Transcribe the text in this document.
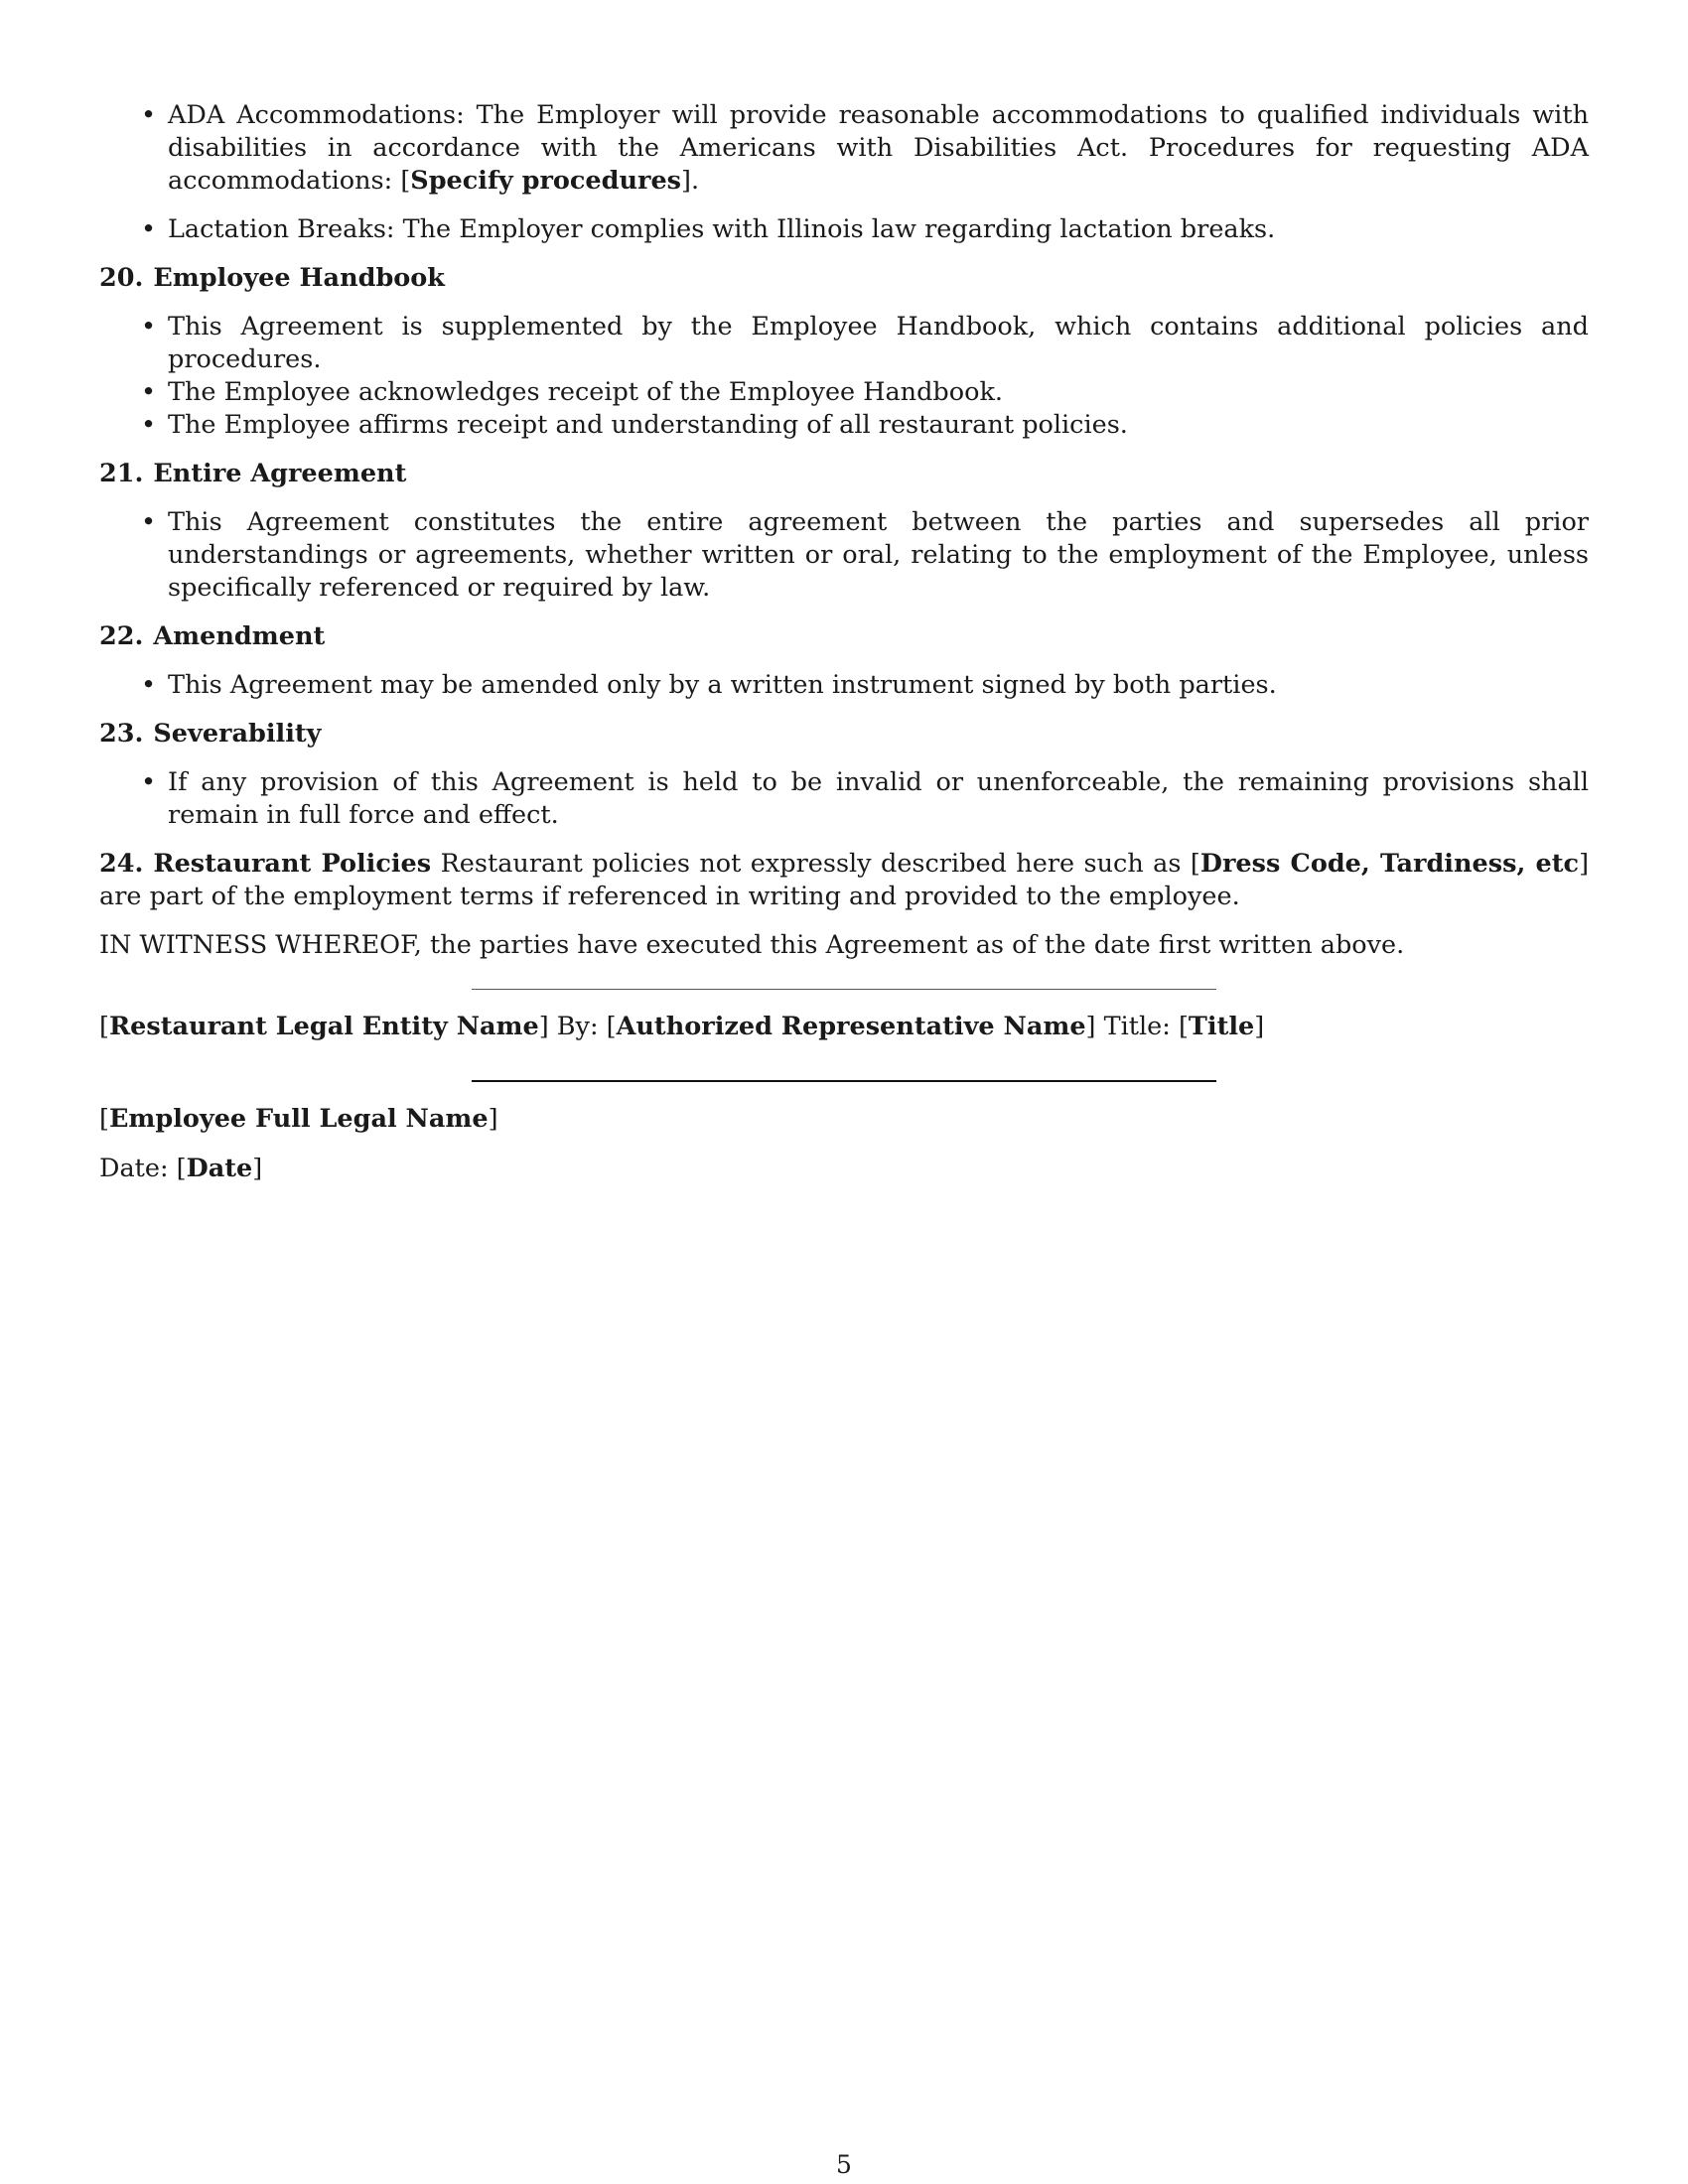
• ADA Accommodations: The Employer will provide reasonable accommodations to qualified individuals with disabilities in accordance with the Americans with Disabilities Act. Procedures for requesting ADA accommodations: [Specify procedures].
• Lactation Breaks: The Employer complies with Illinois law regarding lactation breaks.
20. Employee Handbook
• This Agreement is supplemented by the Employee Handbook, which contains additional policies and procedures.
• The Employee acknowledges receipt of the Employee Handbook.
• The Employee affirms receipt and understanding of all restaurant policies.
21. Entire Agreement
• This Agreement constitutes the entire agreement between the parties and supersedes all prior understandings or agreements, whether written or oral, relating to the employment of the Employee, unless specifically referenced or required by law.
22. Amendment
• This Agreement may be amended only by a written instrument signed by both parties.
23. Severability
• If any provision of this Agreement is held to be invalid or unenforceable, the remaining provisions shall remain in full force and effect.
24. Restaurant Policies Restaurant policies not expressly described here such as [Dress Code, Tardiness, etc] are part of the employment terms if referenced in writing and provided to the employee.
IN WITNESS WHEREOF, the parties have executed this Agreement as of the date first written above.
[Restaurant Legal Entity Name] By: [Authorized Representative Name] Title: [Title]
[Employee Full Legal Name]
Date: [Date]
5
